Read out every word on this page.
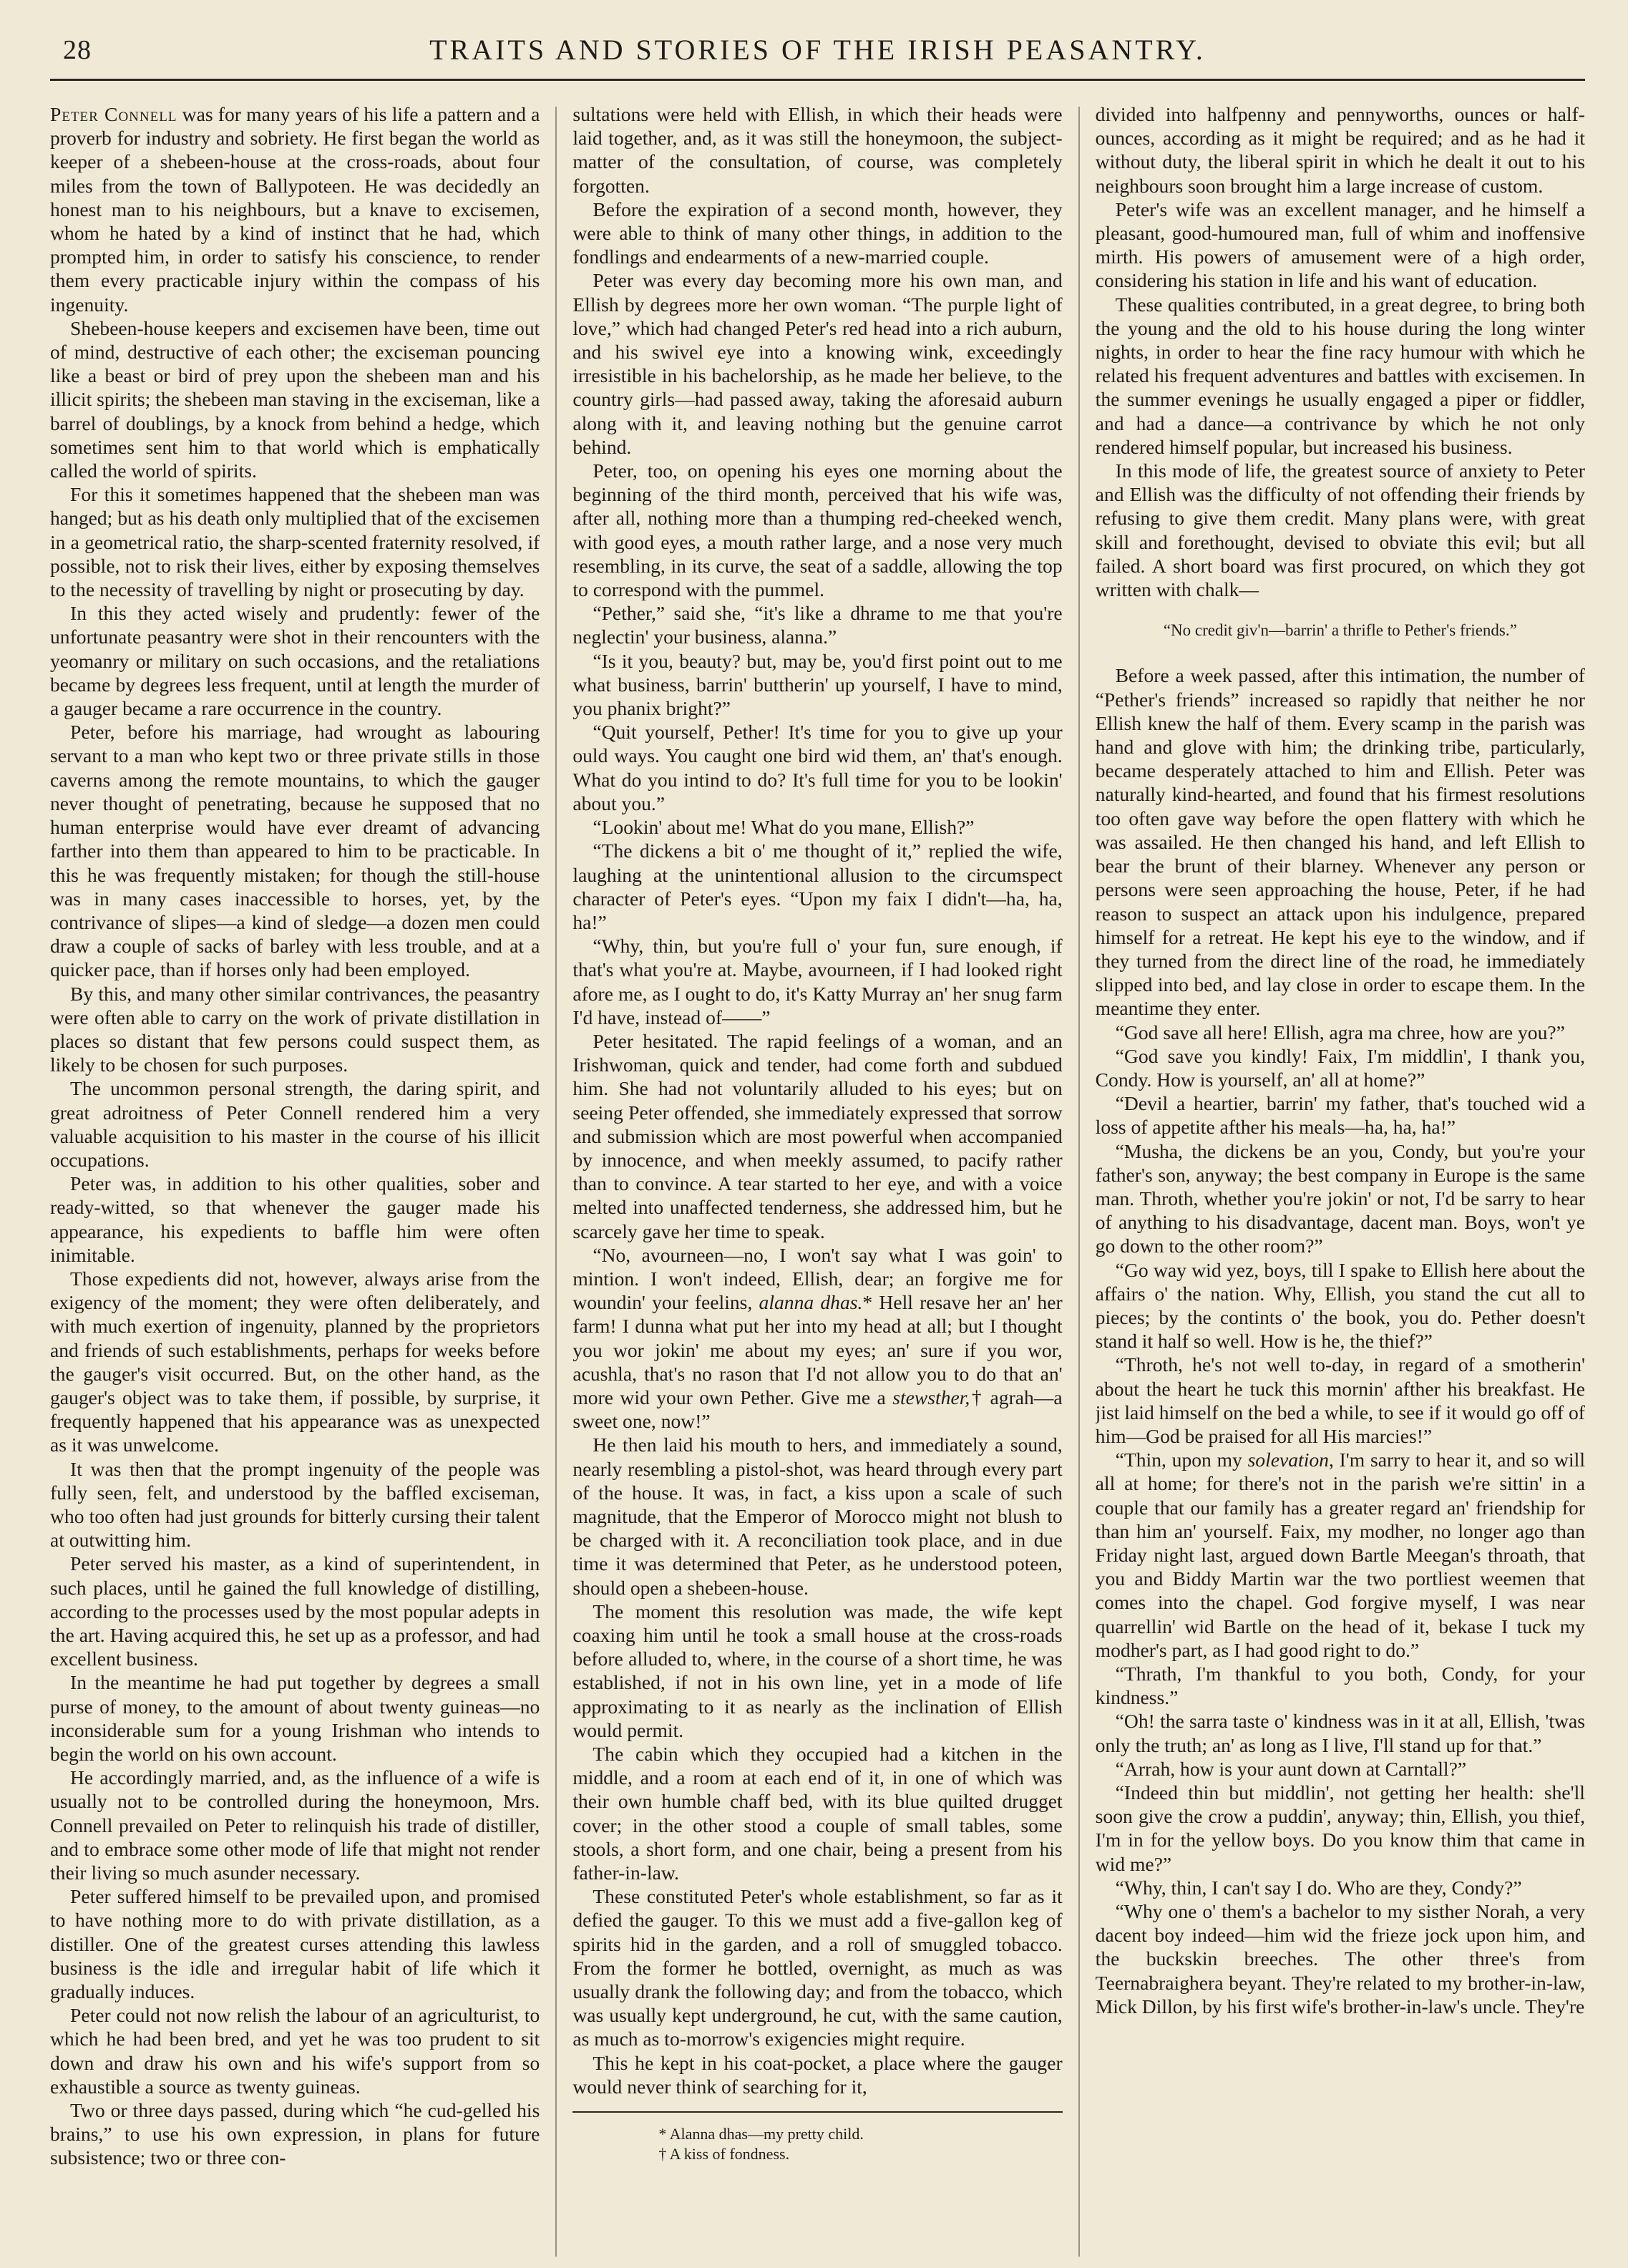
28	TRAITS AND STORIES OF THE IRISH PEASANTRY.

Peter Connell was for many years of his life a pattern and a proverb for industry and sobriety. He first began the world as keeper of a shebeen-house at the cross-roads, about four miles from the town of Ballypoteen. He was decidedly an honest man to his neighbours, but a knave to excisemen, whom he hated by a kind of instinct that he had, which prompted him, in order to satisfy his conscience, to render them every practicable injury within the compass of his ingenuity.

Shebeen-house keepers and excisemen have been, time out of mind, destructive of each other; the exciseman pouncing like a beast or bird of prey upon the shebeen man and his illicit spirits; the shebeen man staving in the exciseman, like a barrel of doublings, by a knock from behind a hedge, which sometimes sent him to that world which is emphatically called the world of spirits.

For this it sometimes happened that the shebeen man was hanged; but as his death only multiplied that of the excisemen in a geometrical ratio, the sharp-scented fraternity resolved, if possible, not to risk their lives, either by exposing themselves to the necessity of travelling by night or prosecuting by day.

In this they acted wisely and prudently: fewer of the unfortunate peasantry were shot in their rencounters with the yeomanry or military on such occasions, and the retaliations became by degrees less frequent, until at length the murder of a gauger became a rare occurrence in the country.

Peter, before his marriage, had wrought as labouring servant to a man who kept two or three private stills in those caverns among the remote mountains, to which the gauger never thought of penetrating, because he supposed that no human enterprise would have ever dreamt of advancing farther into them than appeared to him to be practicable. In this he was frequently mistaken; for though the still-house was in many cases inaccessible to horses, yet, by the contrivance of slipes—a kind of sledge—a dozen men could draw a couple of sacks of barley with less trouble, and at a quicker pace, than if horses only had been employed.

By this, and many other similar contrivances, the peasantry were often able to carry on the work of private distillation in places so distant that few persons could suspect them, as likely to be chosen for such purposes.

The uncommon personal strength, the daring spirit, and great adroitness of Peter Connell rendered him a very valuable acquisition to his master in the course of his illicit occupations.

Peter was, in addition to his other qualities, sober and ready-witted, so that whenever the gauger made his appearance, his expedients to baffle him were often inimitable.

Those expedients did not, however, always arise from the exigency of the moment; they were often deliberately, and with much exertion of ingenuity, planned by the proprietors and friends of such establishments, perhaps for weeks before the gauger's visit occurred. But, on the other hand, as the gauger's object was to take them, if possible, by surprise, it frequently happened that his appearance was as unexpected as it was unwelcome.

It was then that the prompt ingenuity of the people was fully seen, felt, and understood by the baffled exciseman, who too often had just grounds for bitterly cursing their talent at outwitting him.

Peter served his master, as a kind of superintendent, in such places, until he gained the full knowledge of distilling, according to the processes used by the most popular adepts in the art. Having acquired this, he set up as a professor, and had excellent business.

In the meantime he had put together by degrees a small purse of money, to the amount of about twenty guineas—no inconsiderable sum for a young Irishman who intends to begin the world on his own account.

He accordingly married, and, as the influence of a wife is usually not to be controlled during the honeymoon, Mrs. Connell prevailed on Peter to relinquish his trade of distiller, and to embrace some other mode of life that might not render their living so much asunder necessary.

Peter suffered himself to be prevailed upon, and promised to have nothing more to do with private distillation, as a distiller. One of the greatest curses attending this lawless business is the idle and irregular habit of life which it gradually induces.

Peter could not now relish the labour of an agriculturist, to which he had been bred, and yet he was too prudent to sit down and draw his own and his wife's support from so exhaustible a source as twenty guineas.

Two or three days passed, during which “he cud-gelled his brains,” to use his own expression, in plans for future subsistence; two or three con-

sultations were held with Ellish, in which their heads were laid together, and, as it was still the honeymoon, the subject-matter of the consultation, of course, was completely forgotten.

Before the expiration of a second month, however, they were able to think of many other things, in addition to the fondlings and endearments of a new-married couple.

Peter was every day becoming more his own man, and Ellish by degrees more her own woman. “The purple light of love,” which had changed Peter's red head into a rich auburn, and his swivel eye into a knowing wink, exceedingly irresistible in his bachelorship, as he made her believe, to the country girls—had passed away, taking the aforesaid auburn along with it, and leaving nothing but the genuine carrot behind.

Peter, too, on opening his eyes one morning about the beginning of the third month, perceived that his wife was, after all, nothing more than a thumping red-cheeked wench, with good eyes, a mouth rather large, and a nose very much resembling, in its curve, the seat of a saddle, allowing the top to correspond with the pummel.

“Pether,” said she, “it's like a dhrame to me that you're neglectin' your business, alanna.”

“Is it you, beauty? but, may be, you'd first point out to me what business, barrin' buttherin' up yourself, I have to mind, you phanix bright?”

“Quit yourself, Pether! It's time for you to give up your ould ways. You caught one bird wid them, an' that's enough. What do you intind to do? It's full time for you to be lookin' about you.”

“Lookin' about me! What do you mane, Ellish?”

“The dickens a bit o' me thought of it,” replied the wife, laughing at the unintentional allusion to the circumspect character of Peter's eyes. “Upon my faix I didn't—ha, ha, ha!”

“Why, thin, but you're full o' your fun, sure enough, if that's what you're at. Maybe, avourneen, if I had looked right afore me, as I ought to do, it's Katty Murray an' her snug farm I'd have, instead of——”

Peter hesitated. The rapid feelings of a woman, and an Irishwoman, quick and tender, had come forth and subdued him. She had not voluntarily alluded to his eyes; but on seeing Peter offended, she immediately expressed that sorrow and submission which are most powerful when accompanied by innocence, and when meekly assumed, to pacify rather than to convince. A tear started to her eye, and with a voice melted into unaffected tenderness, she addressed him, but he scarcely gave her time to speak.

“No, avourneen—no, I won't say what I was goin' to mintion. I won't indeed, Ellish, dear; an forgive me for woundin' your feelins, alanna dhas.* Hell resave her an' her farm! I dunna what put her into my head at all; but I thought you wor jokin' me about my eyes; an' sure if you wor, acushla, that's no rason that I'd not allow you to do that an' more wid your own Pether. Give me a stewsther,† agrah—a sweet one, now!”

He then laid his mouth to hers, and immediately a sound, nearly resembling a pistol-shot, was heard through every part of the house. It was, in fact, a kiss upon a scale of such magnitude, that the Emperor of Morocco might not blush to be charged with it. A reconciliation took place, and in due time it was determined that Peter, as he understood poteen, should open a shebeen-house.

The moment this resolution was made, the wife kept coaxing him until he took a small house at the cross-roads before alluded to, where, in the course of a short time, he was established, if not in his own line, yet in a mode of life approximating to it as nearly as the inclination of Ellish would permit.

The cabin which they occupied had a kitchen in the middle, and a room at each end of it, in one of which was their own humble chaff bed, with its blue quilted drugget cover; in the other stood a couple of small tables, some stools, a short form, and one chair, being a present from his father-in-law.

These constituted Peter's whole establishment, so far as it defied the gauger. To this we must add a five-gallon keg of spirits hid in the garden, and a roll of smuggled tobacco. From the former he bottled, overnight, as much as was usually drank the following day; and from the tobacco, which was usually kept underground, he cut, with the same caution, as much as to-morrow's exigencies might require.

This he kept in his coat-pocket, a place where the gauger would never think of searching for it,

* Alanna dhas—my pretty child.
† A kiss of fondness.

divided into halfpenny and pennyworths, ounces or half-ounces, according as it might be required; and as he had it without duty, the liberal spirit in which he dealt it out to his neighbours soon brought him a large increase of custom.

Peter's wife was an excellent manager, and he himself a pleasant, good-humoured man, full of whim and inoffensive mirth. His powers of amusement were of a high order, considering his station in life and his want of education.

These qualities contributed, in a great degree, to bring both the young and the old to his house during the long winter nights, in order to hear the fine racy humour with which he related his frequent adventures and battles with excisemen. In the summer evenings he usually engaged a piper or fiddler, and had a dance—a contrivance by which he not only rendered himself popular, but increased his business.

In this mode of life, the greatest source of anxiety to Peter and Ellish was the difficulty of not offending their friends by refusing to give them credit. Many plans were, with great skill and forethought, devised to obviate this evil; but all failed. A short board was first procured, on which they got written with chalk—

“No credit giv'n—barrin' a thrifle to Pether's friends.”

Before a week passed, after this intimation, the number of “Pether's friends” increased so rapidly that neither he nor Ellish knew the half of them. Every scamp in the parish was hand and glove with him; the drinking tribe, particularly, became desperately attached to him and Ellish. Peter was naturally kind-hearted, and found that his firmest resolutions too often gave way before the open flattery with which he was assailed. He then changed his hand, and left Ellish to bear the brunt of their blarney. Whenever any person or persons were seen approaching the house, Peter, if he had reason to suspect an attack upon his indulgence, prepared himself for a retreat. He kept his eye to the window, and if they turned from the direct line of the road, he immediately slipped into bed, and lay close in order to escape them. In the meantime they enter.

“God save all here! Ellish, agra ma chree, how are you?”

“God save you kindly! Faix, I'm middlin', I thank you, Condy. How is yourself, an' all at home?”

“Devil a heartier, barrin' my father, that's touched wid a loss of appetite afther his meals—ha, ha, ha!”

“Musha, the dickens be an you, Condy, but you're your father's son, anyway; the best company in Europe is the same man. Throth, whether you're jokin' or not, I'd be sarry to hear of anything to his disadvantage, dacent man. Boys, won't ye go down to the other room?”

“Go way wid yez, boys, till I spake to Ellish here about the affairs o' the nation. Why, Ellish, you stand the cut all to pieces; by the contints o' the book, you do. Pether doesn't stand it half so well. How is he, the thief?”

“Throth, he's not well to-day, in regard of a smotherin' about the heart he tuck this mornin' afther his breakfast. He jist laid himself on the bed a while, to see if it would go off of him—God be praised for all His marcies!”

“Thin, upon my solevation, I'm sarry to hear it, and so will all at home; for there's not in the parish we're sittin' in a couple that our family has a greater regard an' friendship for than him an' yourself. Faix, my modher, no longer ago than Friday night last, argued down Bartle Meegan's throath, that you and Biddy Martin war the two portliest weemen that comes into the chapel. God forgive myself, I was near quarrellin' wid Bartle on the head of it, bekase I tuck my modher's part, as I had good right to do.”

“Thrath, I'm thankful to you both, Condy, for your kindness.”

“Oh! the sarra taste o' kindness was in it at all, Ellish, 'twas only the truth; an' as long as I live, I'll stand up for that.”

“Arrah, how is your aunt down at Carntall?”

“Indeed thin but middlin', not getting her health: she'll soon give the crow a puddin', anyway; thin, Ellish, you thief, I'm in for the yellow boys. Do you know thim that came in wid me?”

“Why, thin, I can't say I do. Who are they, Condy?”

“Why one o' them's a bachelor to my sisther Norah, a very dacent boy indeed—him wid the frieze jock upon him, and the buckskin breeches. The other three's from Teernabraighera beyant. They're related to my brother-in-law, Mick Dillon, by his first wife's brother-in-law's uncle. They're
